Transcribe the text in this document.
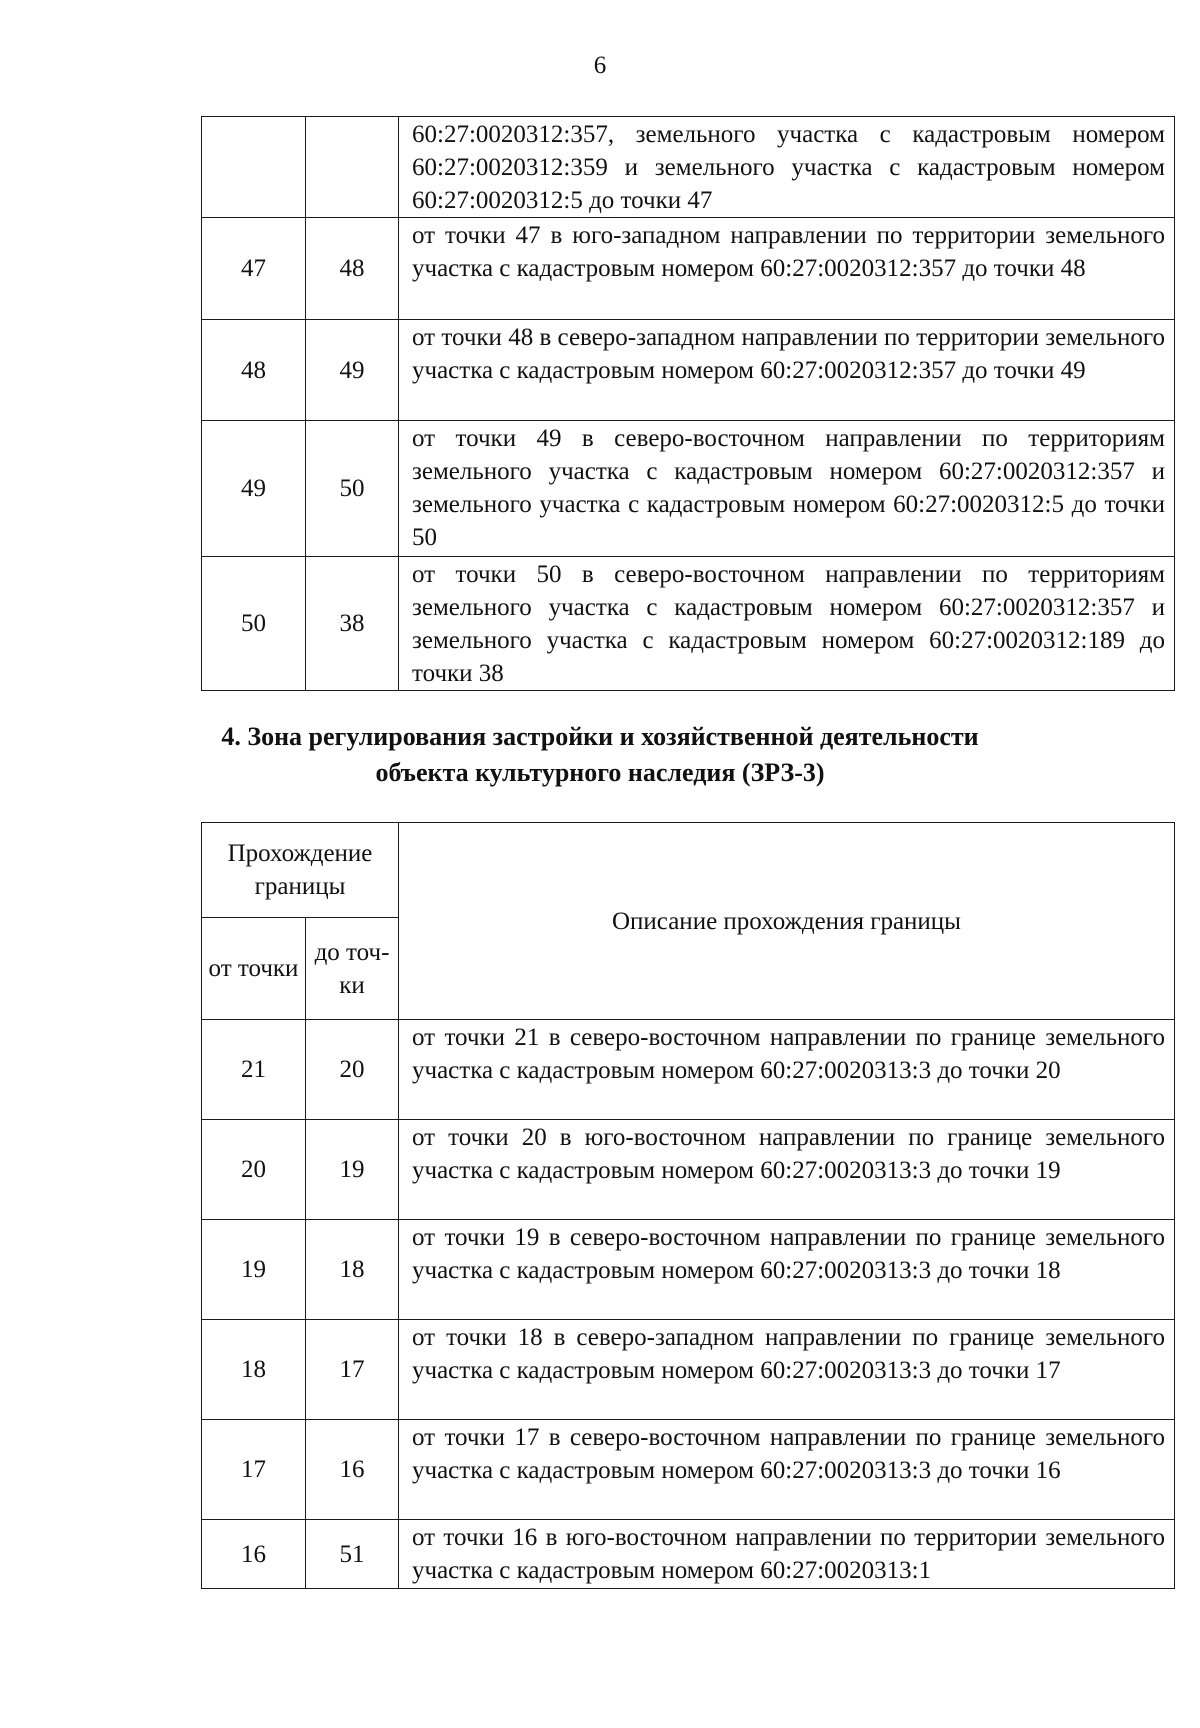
6
		60:27:0020312:357, земельного участка с кадастровым номером 60:27:0020312:359 и земельного участка с кадастровым номером 60:27:0020312:5 до точки 47
47	48	от точки 47 в юго-западном направлении по территории земельного участка с кадастровым номером 60:27:0020312:357 до точки 48
48	49	от точки 48 в северо-западном направлении по территории земельного участка с кадастровым номером 60:27:0020312:357 до точки 49
49	50	от точки 49 в северо-восточном направлении по территориям земельного участка с кадастровым номером 60:27:0020312:357 и земельного участка с кадастровым номером 60:27:0020312:5 до точки 50
50	38	от точки 50 в северо-восточном направлении по территориям земельного участка с кадастровым номером 60:27:0020312:357 и земельного участка с кадастровым номером 60:27:0020312:189 до точки 38
4. Зона регулирования застройки и хозяйственной деятельности
объекта культурного наследия (ЗРЗ-3)
Прохождение границы		Описание прохождения границы
от точки	до точ-ки	
21	20	от точки 21 в северо-восточном направлении по границе земельного участка с кадастровым номером 60:27:0020313:3 до точки 20
20	19	от точки 20 в юго-восточном направлении по границе земельного участка с кадастровым номером 60:27:0020313:3 до точки 19
19	18	от точки 19 в северо-восточном направлении по границе земельного участка с кадастровым номером 60:27:0020313:3 до точки 18
18	17	от точки 18 в северо-западном направлении по границе земельного участка с кадастровым номером 60:27:0020313:3 до точки 17
17	16	от точки 17 в северо-восточном направлении по границе земельного участка с кадастровым номером 60:27:0020313:3 до точки 16
16	51	от точки 16 в юго-восточном направлении по территории земельного участка с кадастровым номером 60:27:0020313:1
